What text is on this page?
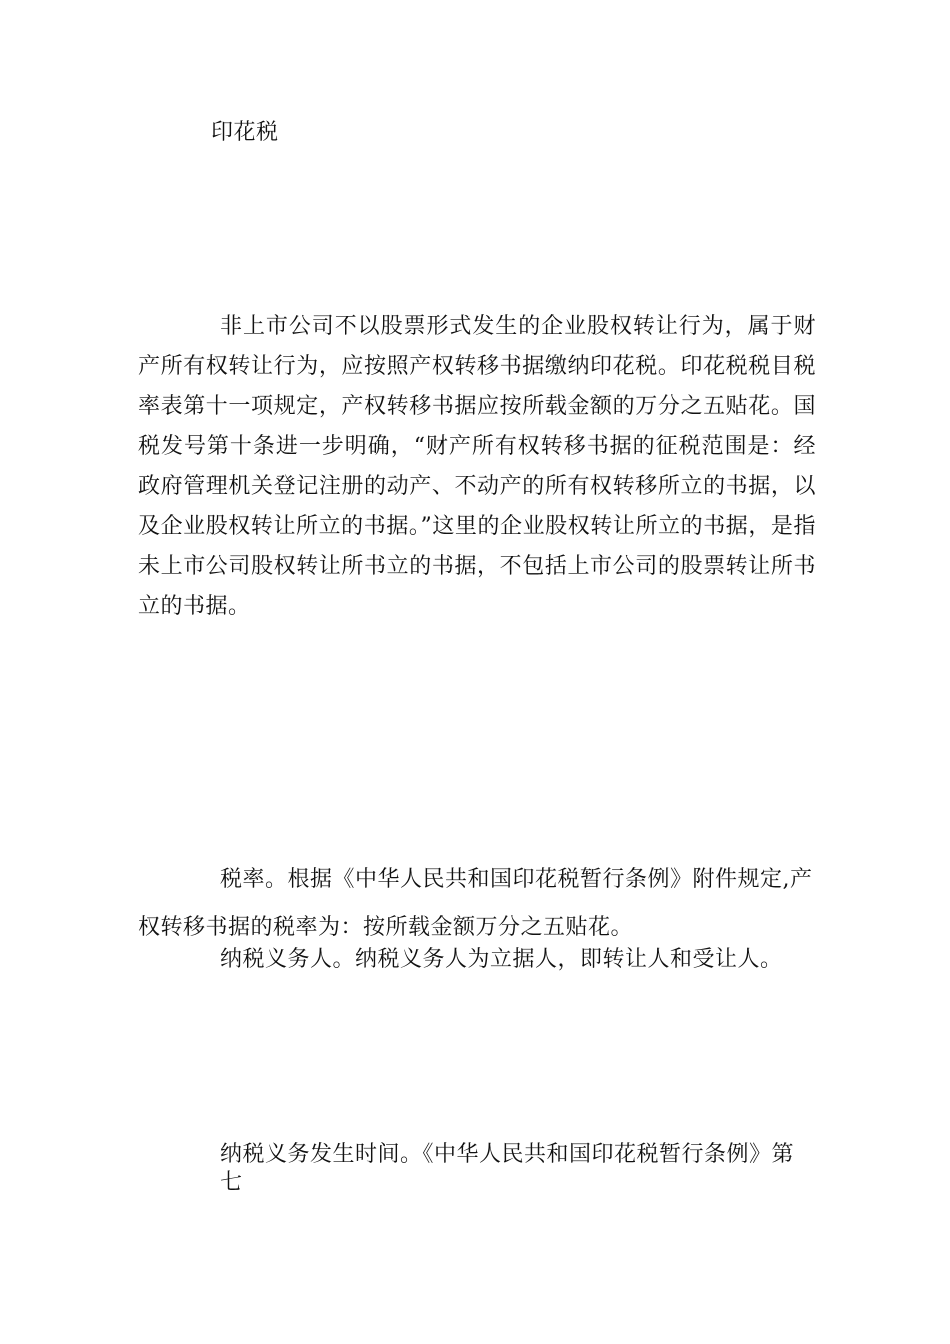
印花税

非上市公司不以股票形式发生的企业股权转让行为，属于财产所有权转让行为，应按照产权转移书据缴纳印花税。印花税税目税率表第十一项规定，产权转移书据应按所载金额的万分之五贴花。国税发号第十条进一步明确，“财产所有权转移书据的征税范围是：经政府管理机关登记注册的动产、不动产的所有权转移所立的书据，以及企业股权转让所立的书据。”这里的企业股权转让所立的书据，是指未上市公司股权转让所书立的书据，不包括上市公司的股票转让所书立的书据。

税率。根据《中华人民共和国印花税暂行条例》附件规定,产权转移书据的税率为：按所载金额万分之五贴花。

纳税义务人。纳税义务人为立据人，即转让人和受让人。

纳税义务发生时间。《中华人民共和国印花税暂行条例》第七
